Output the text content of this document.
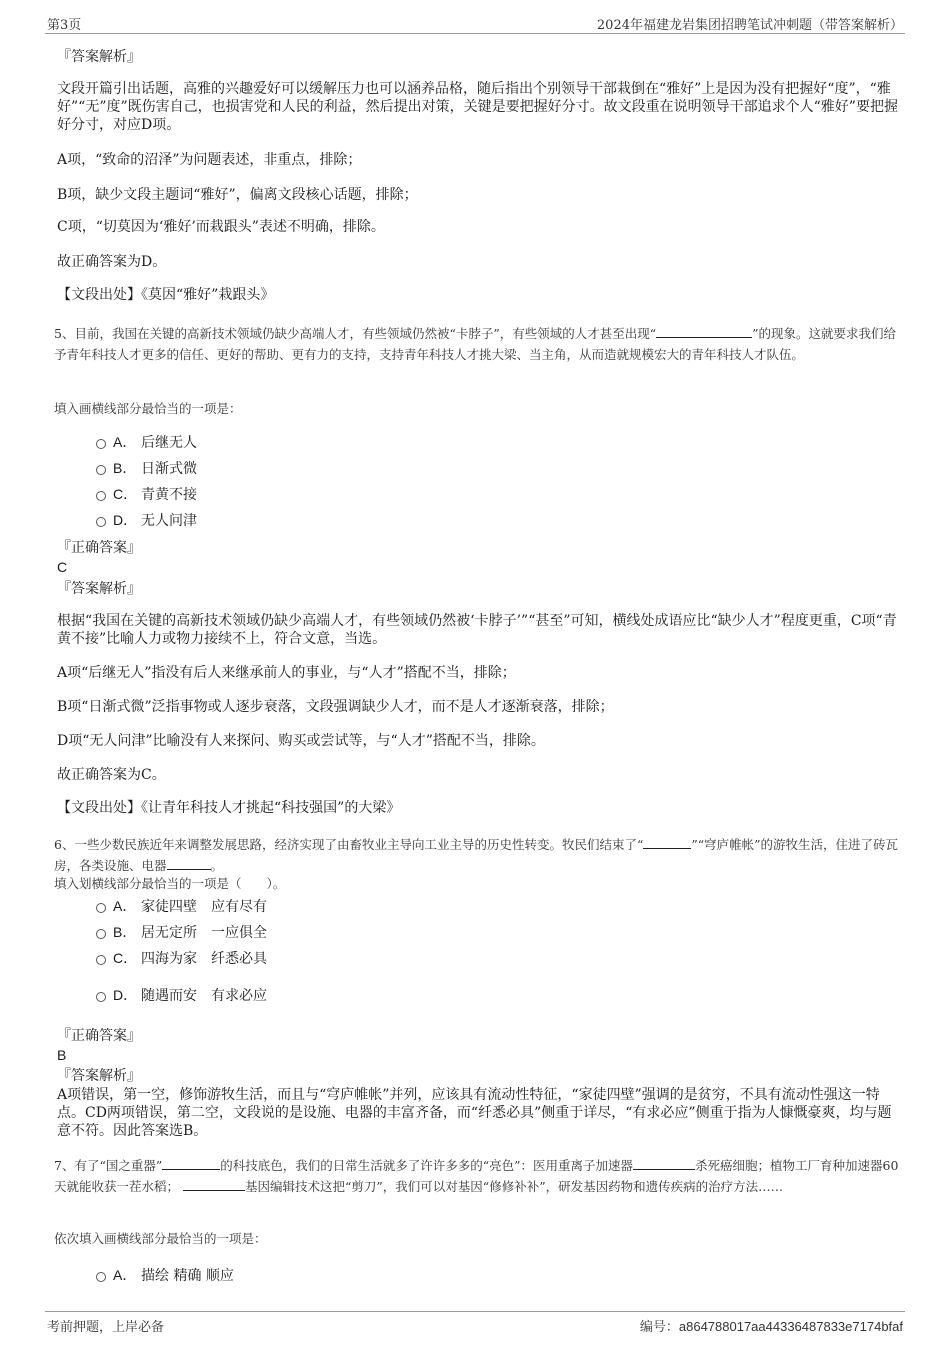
第3页	2024年福建龙岩集团招聘笔试冲刺题（带答案解析）
『答案解析』
文段开篇引出话题，高雅的兴趣爱好可以缓解压力也可以涵养品格，随后指出个别领导干部栽倒在“雅好”上是因为没有把握好“度”，“雅好”“无”度”既伤害自己，也损害党和人民的利益，然后提出对策，关键是要把握好分寸。故文段重在说明领导干部追求个人“雅好”要把握好分寸，对应D项。
A项，“致命的沼泽”为问题表述，非重点，排除；
B项，缺少文段主题词“雅好”，偏离文段核心话题，排除；
C项，“切莫因为‘雅好’而栽跟头”表述不明确，排除。
故正确答案为D。
【文段出处】《莫因“雅好”栽跟头》
5、目前，我国在关键的高新技术领域仍缺少高端人才，有些领域仍然被“卡脖子”，有些领域的人才甚至出现“	”的现象。这就要求我们给予青年科技人才更多的信任、更好的帮助、更有力的支持，支持青年科技人才挑大梁、当主角，从而造就规模宏大的青年科技人才队伍。
填入画横线部分最恰当的一项是：
A． 后继无人
B． 日渐式微
C． 青黄不接
D． 无人问津
『正确答案』
C
『答案解析』
根据“我国在关键的高新技术领域仍缺少高端人才，有些领域仍然被‘卡脖子’”“甚至”可知，横线处成语应比“缺少人才”程度更重，C项“青黄不接”比喻人力或物力接续不上，符合文意，当选。
A项“后继无人”指没有后人来继承前人的事业，与“人才”搭配不当，排除；
B项“日渐式微”泛指事物或人逐步衰落，文段强调缺少人才，而不是人才逐渐衰落，排除；
D项“无人问津”比喻没有人来探问、购买或尝试等，与“人才”搭配不当，排除。
故正确答案为C。
【文段出处】《让青年科技人才挑起“科技强国”的大梁》
6、一些少数民族近年来调整发展思路，经济实现了由畜牧业主导向工业主导的历史性转变。牧民们结束了“	”“穹庐帷帐”的游牧生活，住进了砖瓦房，各类设施、电器	。
填入划横线部分最恰当的一项是（　　）。
A． 家徒四壁　应有尽有
B． 居无定所　一应俱全
C． 四海为家　纤悉必具
D． 随遇而安　有求必应
『正确答案』
B
『答案解析』
A项错误，第一空，修饰游牧生活，而且与“穹庐帷帐”并列，应该具有流动性特征，“家徒四壁”强调的是贫穷，不具有流动性强这一特点。CD两项错误，第二空，文段说的是设施、电器的丰富齐备，而“纤悉必具”侧重于详尽，“有求必应”侧重于指为人慷慨豪爽，均与题意不符。因此答案选B。
7、有了“国之重器”	的科技底色，我们的日常生活就多了许许多多的“亮色”：医用重离子加速器	杀死癌细胞；植物工厂育种加速器60天就能收获一茬水稻；	基因编辑技术这把“剪刀”，我们可以对基因“修修补补”，研发基因药物和遗传疾病的治疗方法……
依次填入画横线部分最恰当的一项是：
A． 描绘 精确 顺应
考前押题，上岸必备	编号：a864788017aa44336487833e7174bfaf
